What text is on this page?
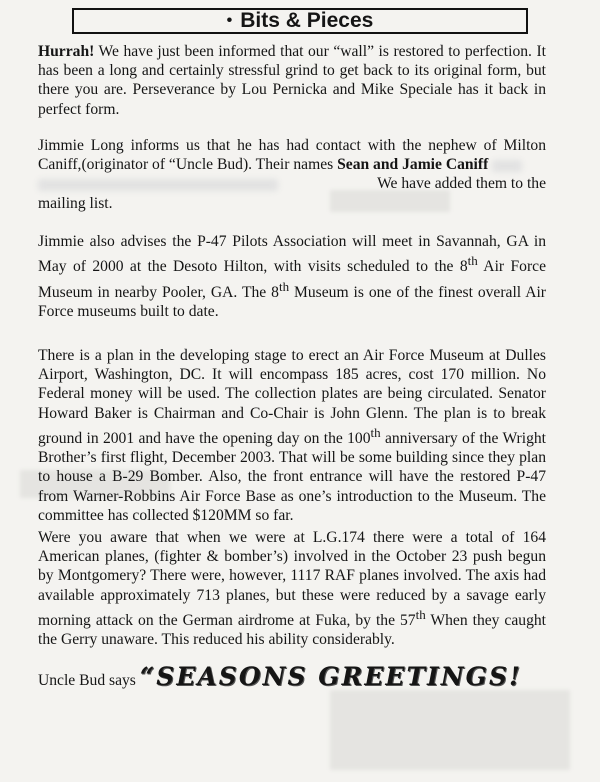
• Bits & Pieces
Hurrah! We have just been informed that our “wall” is restored to perfection. It has been a long and certainly stressful grind to get back to its original form, but there you are. Perseverance by Lou Pernicka and Mike Speciale has it back in perfect form.
Jimmie Long informs us that he has had contact with the nephew of Milton Caniff,(originator of “Uncle Bud). Their names Sean and Jamie Caniff

We have added them to the

mailing list.
Jimmie also advises the P-47 Pilots Association will meet in Savannah, GA in May of 2000 at the Desoto Hilton, with visits scheduled to the 8th Air Force Museum in nearby Pooler, GA. The 8th Museum is one of the finest overall Air Force museums built to date.
There is a plan in the developing stage to erect an Air Force Museum at Dulles Airport, Washington, DC. It will encompass 185 acres, cost 170 million. No Federal money will be used. The collection plates are being circulated. Senator Howard Baker is Chairman and Co-Chair is John Glenn. The plan is to break ground in 2001 and have the opening day on the 100th anniversary of the Wright Brother’s first flight, December 2003. That will be some building since they plan to house a B-29 Bomber. Also, the front entrance will have the restored P-47 from Warner-Robbins Air Force Base as one’s introduction to the Museum. The committee has collected $120MM so far.
Were you aware that when we were at L.G.174 there were a total of 164 American planes, (fighter & bomber’s) involved in the October 23 push begun by Montgomery? There were, however, 1117 RAF planes involved. The axis had available approximately 713 planes, but these were reduced by a savage early morning attack on the German airdrome at Fuka, by the 57th When they caught the Gerry unaware. This reduced his ability considerably.
Uncle Bud says “SEASONS GREETINGS!
